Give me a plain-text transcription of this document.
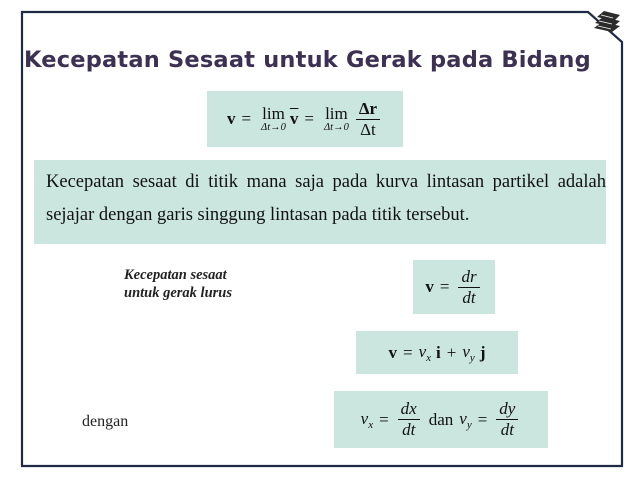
Kecepatan Sesaat untuk Gerak pada Bidang
v = lim
Δt→0 $\overline{v} = \lim$
$\Delta t\to 0 \frac{\Delta r}{\Delta t}$
Kecepatan sesaat di titik mana saja pada kurva lintasan partikel adalah sejajar dengan garis singgung lintasan pada titik tersebut.
Kecepatan sesaat
untuk gerak lurus	$v = \frac{dr}{dt}$
$v = v_x$ $i + v_y$ j
dengan	$v_x = \frac{dx}{dt}$ dan $v_y = \frac{dy}{dt}$
